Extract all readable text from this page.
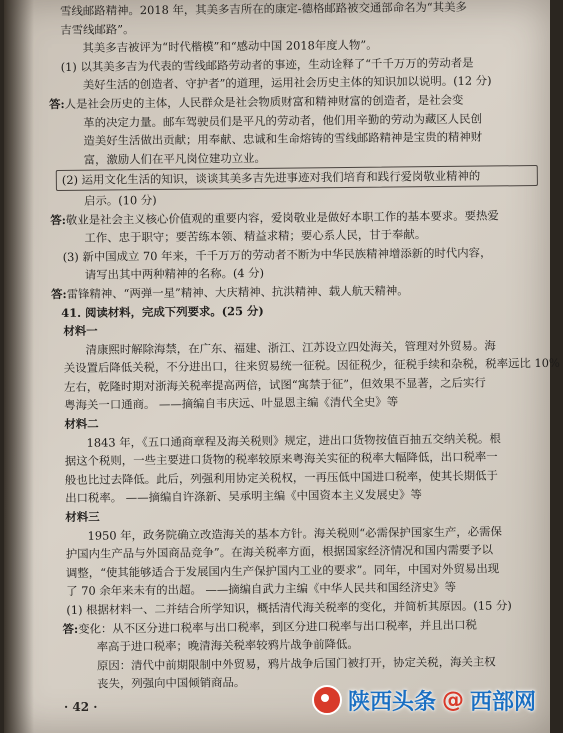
雪线邮路精神。2018 年，其美多吉所在的康定-德格邮路被交通部命名为“其美多
吉雪线邮路”。
其美多吉被评为“时代楷模”和“感动中国 2018年度人物”。
(1) 以其美多吉为代表的雪线邮路劳动者的事迹，生动诠释了“千千万万的劳动者是
美好生活的创造者、守护者”的道理，运用社会历史主体的知识加以说明。(12 分)
答:人是社会历史的主体，人民群众是社会物质财富和精神财富的创造者，是社会变
革的决定力量。邮车驾驶员们是平凡的劳动者，他们用辛勤的劳动为藏区人民创
造美好生活做出贡献；用奉献、忠诚和生命熔铸的雪线邮路精神是宝贵的精神财
富，激励人们在平凡岗位建功立业。
(2) 运用文化生活的知识，谈谈其美多吉先进事迹对我们培育和践行爱岗敬业精神的
启示。(10 分)
答:敬业是社会主义核心价值观的重要内容，爱岗敬业是做好本职工作的基本要求。要热爱
工作、忠于职守；要苦练本领、精益求精；要心系人民，甘于奉献。
(3) 新中国成立 70 年来，千千万万的劳动者不断为中华民族精神增添新的时代内容，
请写出其中两种精神的名称。(4 分)
答:雷锋精神、“两弹一星”精神、大庆精神、抗洪精神、载人航天精神。
41. 阅读材料，完成下列要求。(25 分)
材料一
清康熙时解除海禁，在广东、福建、浙江、江苏设立四处海关，管理对外贸易。海
关设置后降低关税，不分进出口，往来贸易统一征税。因征税少，征税手续和杂税，税率远比 10%
左右，乾隆时期对浙海关税率提高两倍，试图“寓禁于征”，但效果不显著，之后实行
粤海关一口通商。 ——摘编自韦庆远、叶显恩主编《清代全史》等
材料二
1843 年，《五口通商章程及海关税则》规定，进出口货物按值百抽五交纳关税。根
据这个税则，一些主要进口货物的税率较原来粤海关实征的税率大幅降低，出口税率一
般也比过去降低。此后，列强利用协定关税权，一再压低中国进口税率，使其长期低于
出口税率。 ——摘编自许涤新、吴承明主编《中国资本主义发展史》等
材料三
1950 年，政务院确立改造海关的基本方针。海关税则“必需保护国家生产，必需保
护国内生产品与外国商品竞争”。在海关税率方面，根据国家经济情况和国内需要予以
调整，“使其能够适合于发展国内生产保护国内工业的要求”。同年，中国对外贸易出现
了 70 余年来未有的出超。 ——摘编自武力主编《中华人民共和国经济史》等
(1) 根据材料一、二并结合所学知识，概括清代海关税率的变化，并简析其原因。(15 分)
答:变化：从不区分进口税率与出口税率，到区分进口税率与出口税率，并且出口税
率高于进口税率；晚清海关税率较鸦片战争前降低。
原因：清代中前期限制中外贸易，鸦片战争后国门被打开，协定关税，海关主权
丧失，列强向中国倾销商品。
· 42 ·	陕西头条 @ 西部网
